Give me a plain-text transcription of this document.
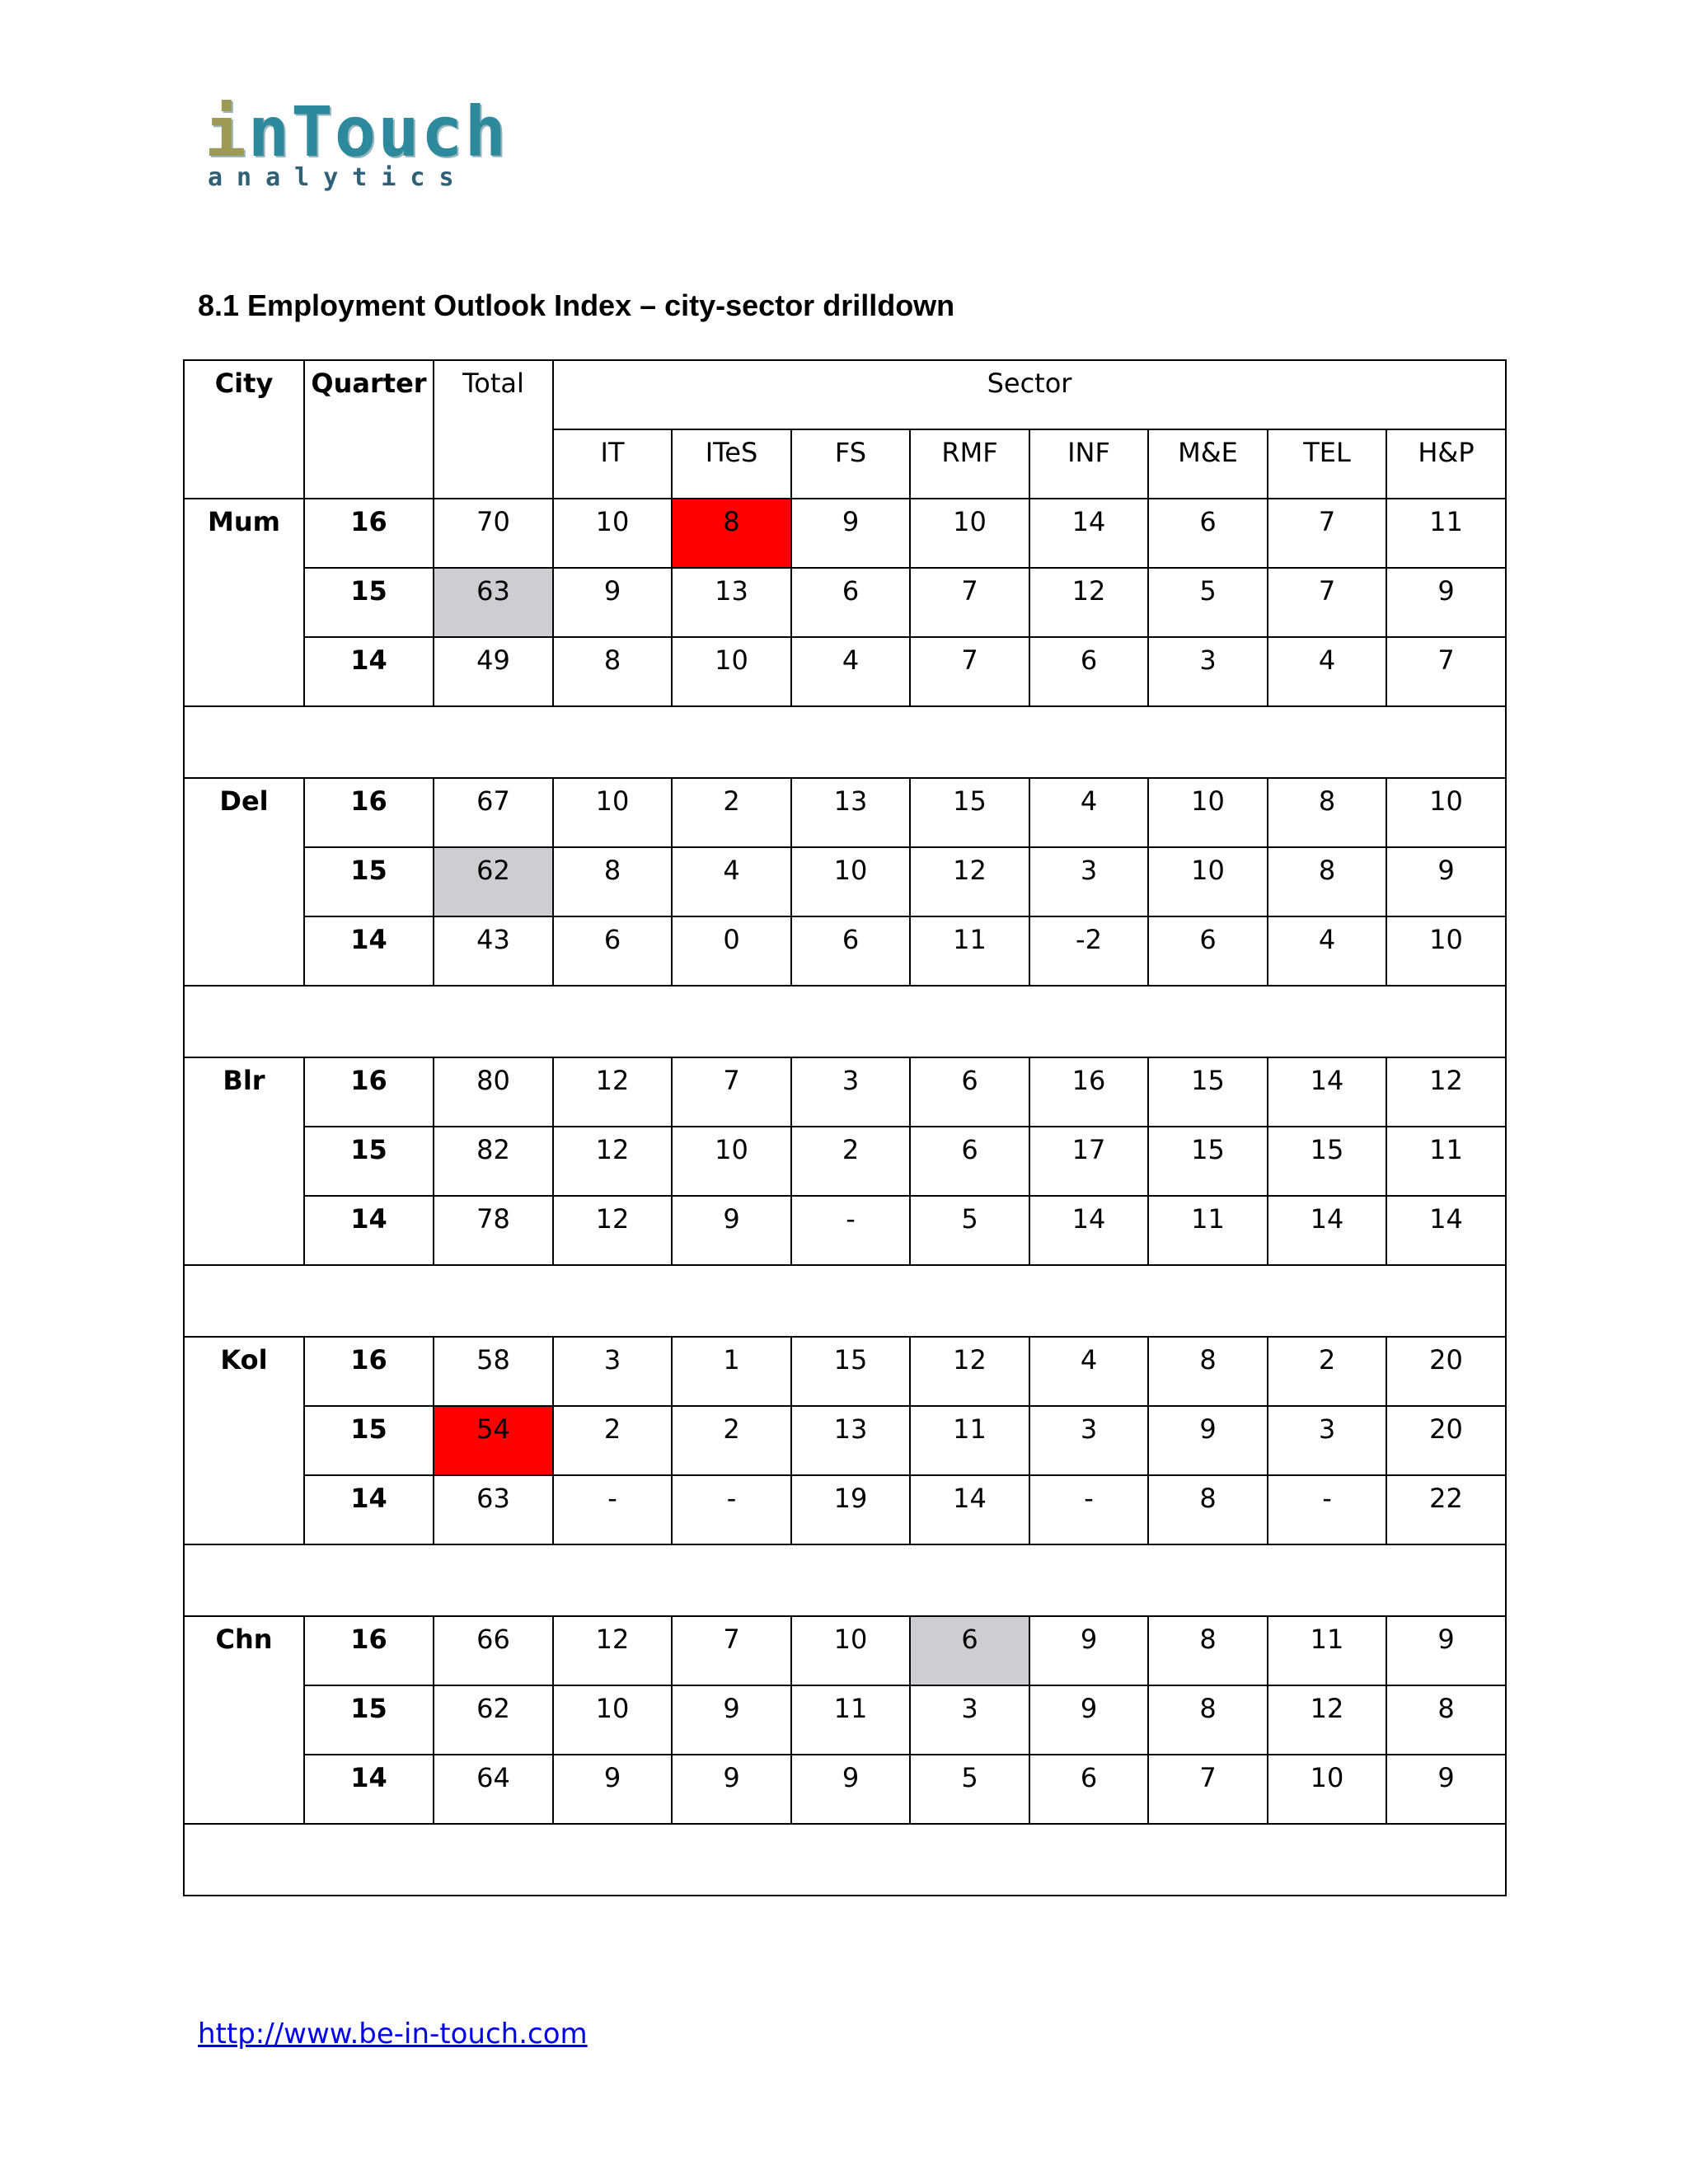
inTouch
analytics
8.1 Employment Outlook Index – city-sector drilldown
City	Quarter	Total	Sector							
			IT	ITeS	FS	RMF	INF	M&E	TEL	H&P
Mum	16	70	10	8	9	10	14	6	7	11
	15	63	9	13	6	7	12	5	7	9
	14	49	8	10	4	7	6	3	4	7

Del	16	67	10	2	13	15	4	10	8	10
	15	62	8	4	10	12	3	10	8	9
	14	43	6	0	6	11	-2	6	4	10

Blr	16	80	12	7	3	6	16	15	14	12
	15	82	12	10	2	6	17	15	15	11
	14	78	12	9	-	5	14	11	14	14

Kol	16	58	3	1	15	12	4	8	2	20
	15	54	2	2	13	11	3	9	3	20
	14	63	-	-	19	14	-	8	-	22

Chn	16	66	12	7	10	6	9	8	11	9
	15	62	10	9	11	3	9	8	12	8
	14	64	9	9	9	5	6	7	10	9

http://www.be-in-touch.com
